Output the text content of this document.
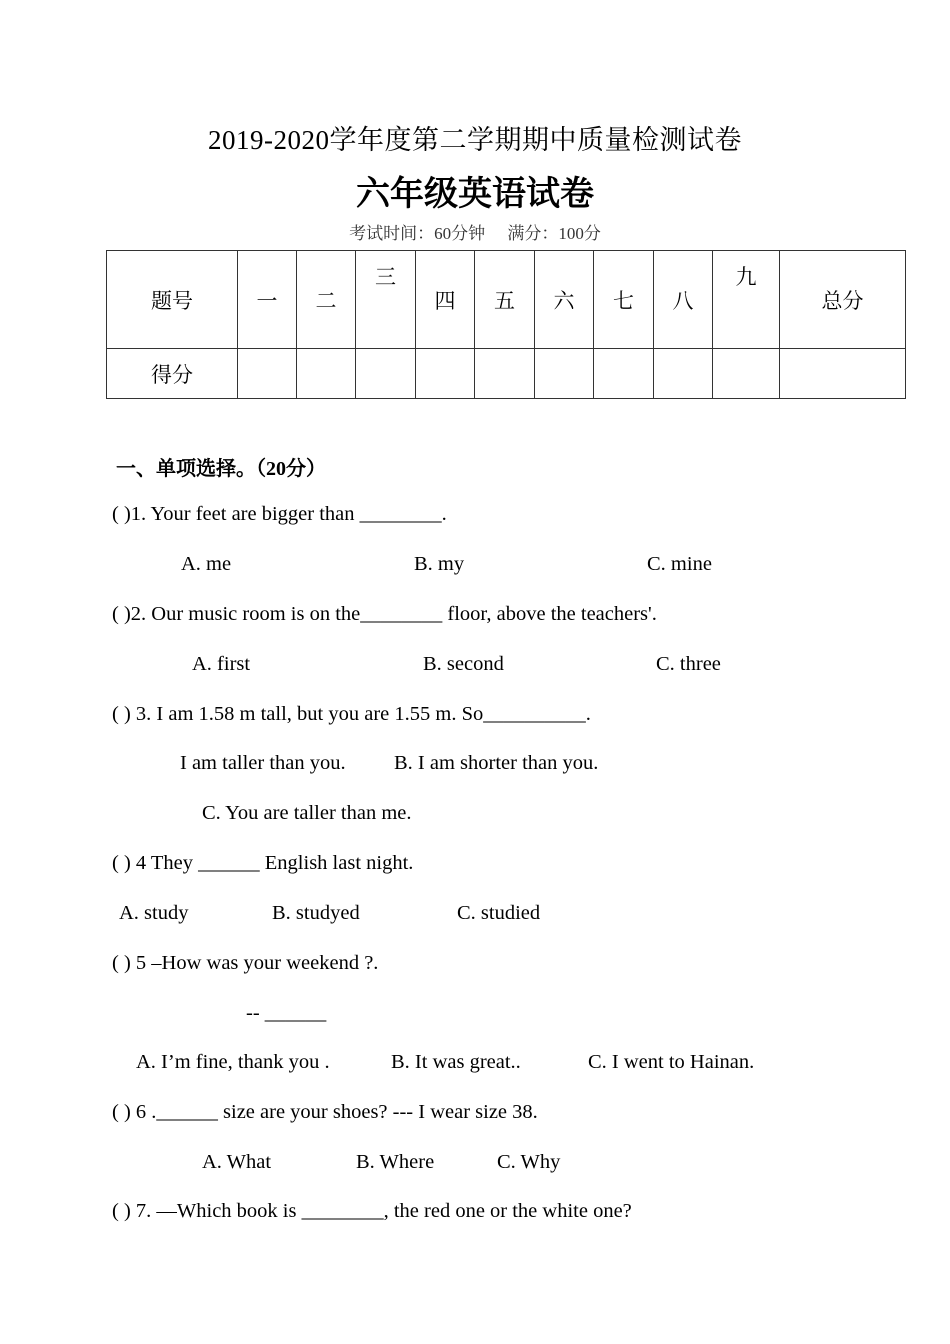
2019-2020学年度第二学期期中质量检测试卷
六年级英语试卷
考试时间：60分钟 满分：100分
题号	一	二	三	四	五	六	七	八	九	总分
得分										
一、单项选择。（20分）
( )1. Your feet are bigger than ________.
A. me	B. my	C. mine
( )2. Our music room is on the________ floor, above the teachers'.
A. first	B. second	C. three
( ) 3. I am 1.58 m tall, but you are 1.55 m. So__________.
I am taller than you. B. I am shorter than you.
C. You are taller than me.
( ) 4 They ______ English last night.
A. study	B. studyed	C. studied
( ) 5 –How was your weekend ?.
-- ______
A. I’m fine, thank you .	B. It was great..	C. I went to Hainan.
( ) 6 .______ size are your shoes? --- I wear size 38.
A. What	B. Where	C. Why
( ) 7. —Which book is ________, the red one or the white one?
